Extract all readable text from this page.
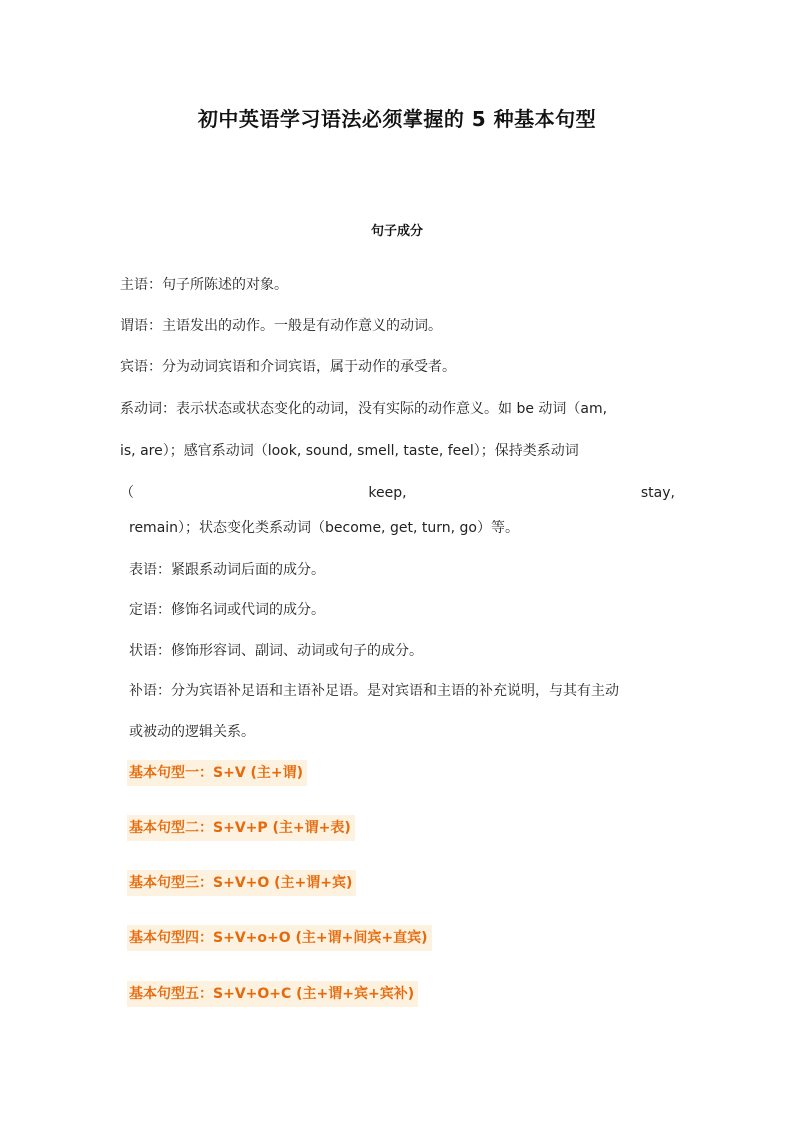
初中英语学习语法必须掌握的 5 种基本句型
句子成分

主语：句子所陈述的对象。

谓语：主语发出的动作。一般是有动作意义的动词。

宾语：分为动词宾语和介词宾语，属于动作的承受者。

系动词：表示状态或状态变化的动词，没有实际的动作意义。如 be 动词（am,

is, are）；感官系动词（look, sound, smell, taste, feel）；保持类系动词

（	keep,	stay,

remain）；状态变化类系动词（become, get, turn, go）等。

表语：紧跟系动词后面的成分。

定语：修饰名词或代词的成分。

状语：修饰形容词、副词、动词或句子的成分。

补语：分为宾语补足语和主语补足语。是对宾语和主语的补充说明，与其有主动

或被动的逻辑关系。

基本句型一：S+V (主+谓)

基本句型二：S+V+P (主+谓+表)

基本句型三：S+V+O (主+谓+宾)

基本句型四：S+V+o+O (主+谓+间宾+直宾)

基本句型五：S+V+O+C (主+谓+宾+宾补)
